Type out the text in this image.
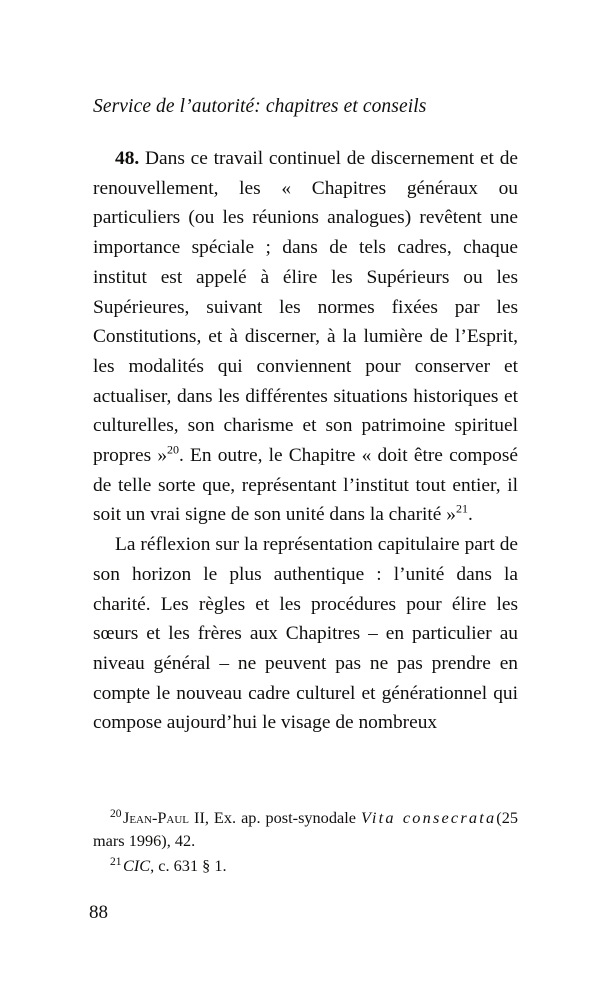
Service de l’autorité: chapitres et conseils

48. Dans ce travail continuel de discernement et de renouvellement, les « Chapitres généraux ou particuliers (ou les réunions analogues) revêtent une importance spéciale ; dans de tels cadres, chaque institut est appelé à élire les Supérieurs ou les Supérieures, suivant les normes fixées par les Constitutions, et à discerner, à la lumière de l’Esprit, les modalités qui conviennent pour conserver et actualiser, dans les différentes situations historiques et culturelles, son charisme et son patrimoine spirituel propres »$^{20}$. En outre, le Chapitre « doit être composé de telle sorte que, représentant l’institut tout entier, il soit un vrai signe de son unité dans la charité »$^{21}$.

La réflexion sur la représentation capitulaire part de son horizon le plus authentique : l’unité dans la charité. Les règles et les procédures pour élire les sœurs et les frères aux Chapitres – en particulier au niveau général – ne peuvent pas ne pas prendre en compte le nouveau cadre culturel et générationnel qui compose aujourd’hui le visage de nombreux

$^{20}$Jean-Paul II, Ex. ap. post-synodale Vita consecrata(25 mars 1996), 42.

$^{21}$CIC, c. 631 § 1.

88
